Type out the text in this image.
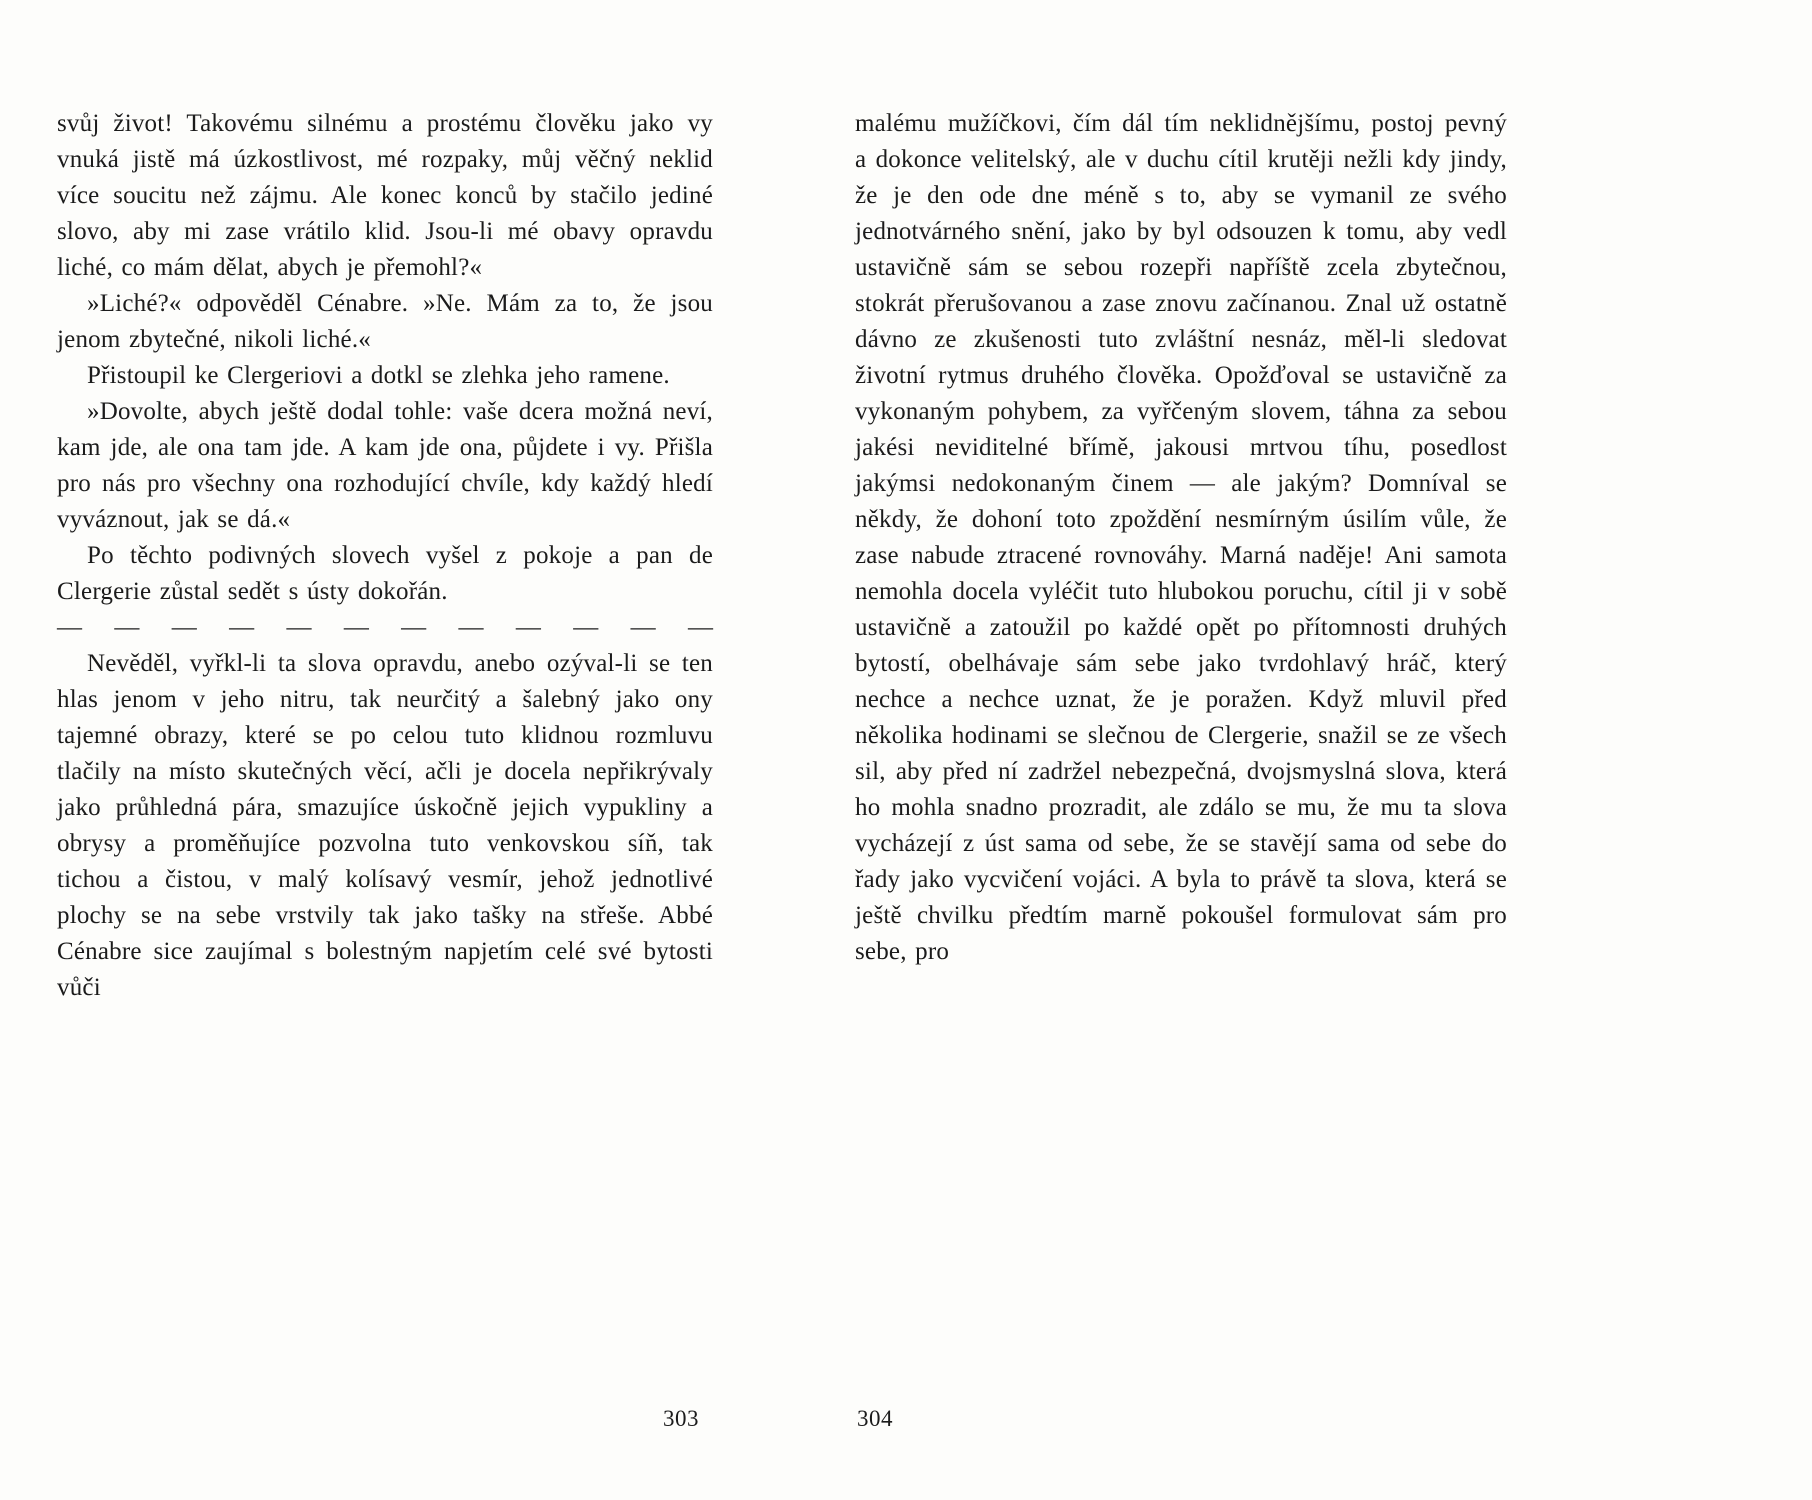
svůj život! Takovému silnému a prostému člověku jako vy vnuká jistě má úzkostlivost, mé rozpaky, můj věčný neklid více soucitu než zájmu. Ale konec konců by stačilo jediné slovo, aby mi zase vrátilo klid. Jsou-li mé obavy opravdu liché, co mám dělat, abych je přemohl?«

»Liché?« odpověděl Cénabre. »Ne. Mám za to, že jsou jenom zbytečné, nikoli liché.«

Přistoupil ke Clergeriovi a dotkl se zlehka jeho ramene.

»Dovolte, abych ještě dodal tohle: vaše dcera možná neví, kam jde, ale ona tam jde. A kam jde ona, půjdete i vy. Přišla pro nás pro všechny ona rozhodující chvíle, kdy každý hledí vyváznout, jak se dá.«

Po těchto podivných slovech vyšel z pokoje a pan de Clergerie zůstal sedět s ústy dokořán.

— — — — — — — — — — — —

Nevěděl, vyřkl-li ta slova opravdu, anebo ozýval-li se ten hlas jenom v jeho nitru, tak neurčitý a šalebný jako ony tajemné obrazy, které se po celou tuto klidnou rozmluvu tlačily na místo skutečných věcí, ačli je docela nepřikrývaly jako průhledná pára, smazujíce úskočně jejich vypukliny a obrysy a proměňujíce pozvolna tuto venkovskou síň, tak tichou a čistou, v malý kolísavý vesmír, jehož jednotlivé plochy se na sebe vrstvily tak jako tašky na střeše. Abbé Cénabre sice zaujímal s bolestným napjetím celé své bytosti vůči

303

malému mužíčkovi, čím dál tím neklidnějšímu, postoj pevný a dokonce velitelský, ale v duchu cítil krutěji nežli kdy jindy, že je den ode dne méně s to, aby se vymanil ze svého jednotvárného snění, jako by byl odsouzen k tomu, aby vedl ustavičně sám se sebou rozepři napříště zcela zbytečnou, stokrát přerušovanou a zase znovu začínanou. Znal už ostatně dávno ze zkušenosti tuto zvláštní nesnáz, měl-li sledovat životní rytmus druhého člověka. Opožďoval se ustavičně za vykonaným pohybem, za vyřčeným slovem, táhna za sebou jakési neviditelné břímě, jakousi mrtvou tíhu, posedlost jakýmsi nedokonaným činem — ale jakým? Domníval se někdy, že dohoní toto zpoždění nesmírným úsilím vůle, že zase nabude ztracené rovnováhy. Marná naděje! Ani samota nemohla docela vyléčit tuto hlubokou poruchu, cítil ji v sobě ustavičně a zatoužil po každé opět po přítomnosti druhých bytostí, obelhávaje sám sebe jako tvrdohlavý hráč, který nechce a nechce uznat, že je poražen. Když mluvil před několika hodinami se slečnou de Clergerie, snažil se ze všech sil, aby před ní zadržel nebezpečná, dvojsmyslná slova, která ho mohla snadno prozradit, ale zdálo se mu, že mu ta slova vycházejí z úst sama od sebe, že se stavějí sama od sebe do řady jako vycvičení vojáci. A byla to právě ta slova, která se ještě chvilku předtím marně pokoušel formulovat sám pro sebe, pro

304
